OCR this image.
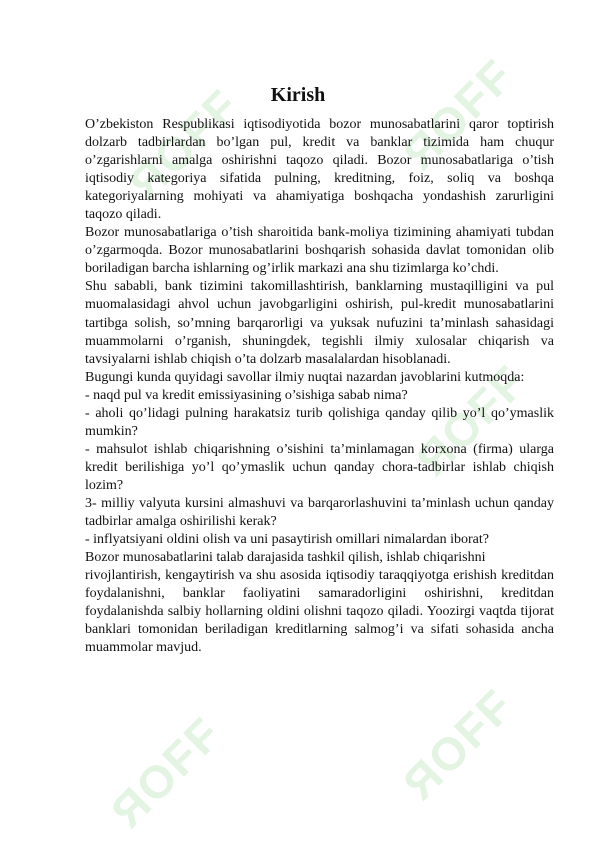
ЯOFF	ЯOFF
ЯOFF
ЯOFF	ЯOFF
Kirish

O’zbekiston Respublikasi iqtisodiyotida bozor munosabatlarini qaror toptirish dolzarb tadbirlardan bo’lgan pul, kredit va banklar tizimida ham chuqur o’zgarishlarni amalga oshirishni taqozo qiladi. Bozor munosabatlariga o’tish iqtisodiy kategoriya sifatida pulning, kreditning, foiz, soliq va boshqa kategoriyalarning mohiyati va ahamiyatiga boshqacha yondashish zarurligini taqozo qiladi.

Bozor munosabatlariga o’tish sharoitida bank-moliya tizimining ahamiyati tubdan o’zgarmoqda. Bozor munosabatlarini boshqarish sohasida davlat tomonidan olib boriladigan barcha ishlarning og’irlik markazi ana shu tizimlarga ko’chdi.

Shu sababli, bank tizimini takomillashtirish, banklarning mustaqilligini va pul muomalasidagi ahvol uchun javobgarligini oshirish, pul-kredit munosabatlarini tartibga solish, so’mning barqarorligi va yuksak nufuzini ta’minlash sahasidagi muammolarni o’rganish, shuningdek, tegishli ilmiy xulosalar chiqarish va tavsiyalarni ishlab chiqish o’ta dolzarb masalalardan hisoblanadi.

Bugungi kunda quyidagi savollar ilmiy nuqtai nazardan javoblarini kutmoqda:

- naqd pul va kredit emissiyasining o’sishiga sabab nima?

- aholi qo’lidagi pulning harakatsiz turib qolishiga qanday qilib yo’l qo’ymaslik mumkin?

- mahsulot ishlab chiqarishning o’sishini ta’minlamagan korxona (firma) ularga kredit berilishiga yo’l qo’ymaslik uchun qanday chora-tadbirlar ishlab chiqish lozim?

3- milliy valyuta kursini almashuvi va barqarorlashuvini ta’minlash uchun qanday tadbirlar amalga oshirilishi kerak?

- inflyatsiyani oldini olish va uni pasaytirish omillari nimalardan iborat?

Bozor munosabatlarini talab darajasida tashkil qilish, ishlab chiqarishni

rivojlantirish, kengaytirish va shu asosida iqtisodiy taraqqiyotga erishish kreditdan foydalanishni, banklar faoliyatini samaradorligini oshirishni, kreditdan foydalanishda salbiy hollarning oldini olishni taqozo qiladi. Yoozirgi vaqtda tijorat banklari tomonidan beriladigan kreditlarning salmog’i va sifati sohasida ancha muammolar mavjud.
